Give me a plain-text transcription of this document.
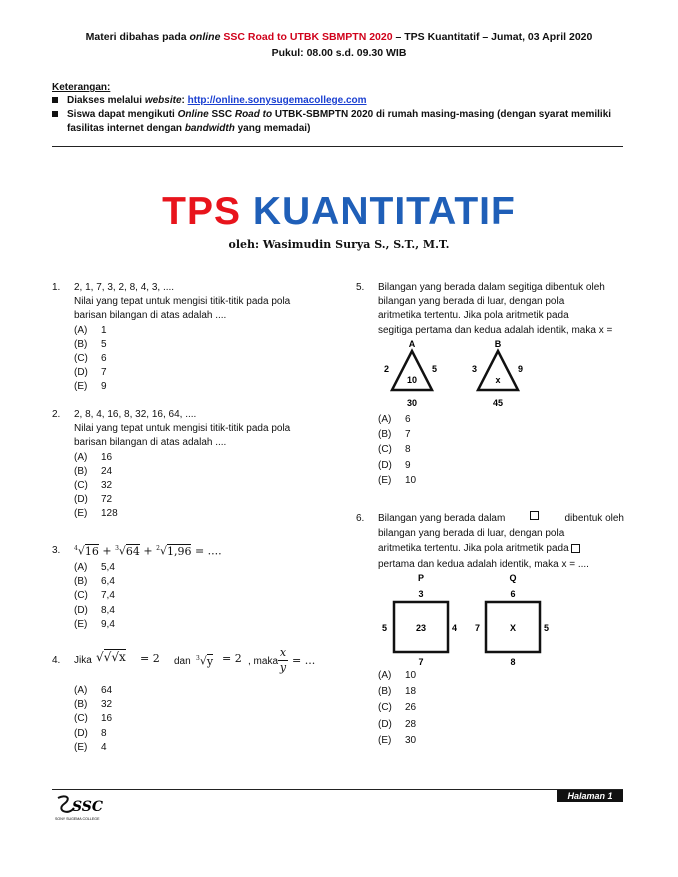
Materi dibahas pada online SSC Road to UTBK SBMPTN 2020 – TPS Kuantitatif – Jumat, 03 April 2020
Pukul: 08.00 s.d. 09.30 WIB
Keterangan:
Diakses melalui website: http://online.sonysugemacollege.com
Siswa dapat mengikuti Online SSC Road to UTBK-SBMPTN 2020 di rumah masing-masing (dengan syarat memiliki
fasilitas internet dengan bandwidth yang memadai)
TPS KUANTITATIF
oleh: Wasimudin Surya S., S.T., M.T.
1. 2, 1, 7, 3, 2, 8, 4, 3, ....
Nilai yang tepat untuk mengisi titik-titik pada pola
barisan bilangan di atas adalah ....
(A) 1
(B) 5
(C) 6
(D) 7
(E) 9
2. 2, 8, 4, 16, 8, 32, 16, 64, ....
Nilai yang tepat untuk mengisi titik-titik pada pola
barisan bilangan di atas adalah ....
(A) 16
(B) 24
(C) 32
(D) 72
(E) 128
3. $^4$√16 + $^3$√64 + $^2$√1,96 = ....
(A) 5,4
(B) 6,4
(C) 7,4
(D) 8,4
(E) 9,4
4. Jika √√√x = 2 dan $^3$√y = 2 , maka $\frac{x}{y}$ = ...
(A) 64
(B) 32
(C) 16
(D) 8
(E) 4
5. Bilangan yang berada dalam segitiga dibentuk oleh
bilangan yang berada di luar, dengan pola
aritmetika tertentu. Jika pola aritmetik pada
segitiga pertama dan kedua adalah identik, maka x =
A
2	5
10
30
B
3	9
x
45
(A) 6
(B) 7
(C) 8
(D) 9
(E) 10
6. Bilangan yang berada dalam	dibentuk oleh
bilangan yang berada di luar, dengan pola
aritmetika tertentu. Jika pola aritmetik pada
pertama dan kedua adalah identik, maka x = ....
P
3
5	23	4
7
Q
6
7	X	5
8
(A) 10
(B) 18
(C) 26
(D) 28
(E) 30
SSC
SONY SUGEMA COLLEGE
Halaman 1
